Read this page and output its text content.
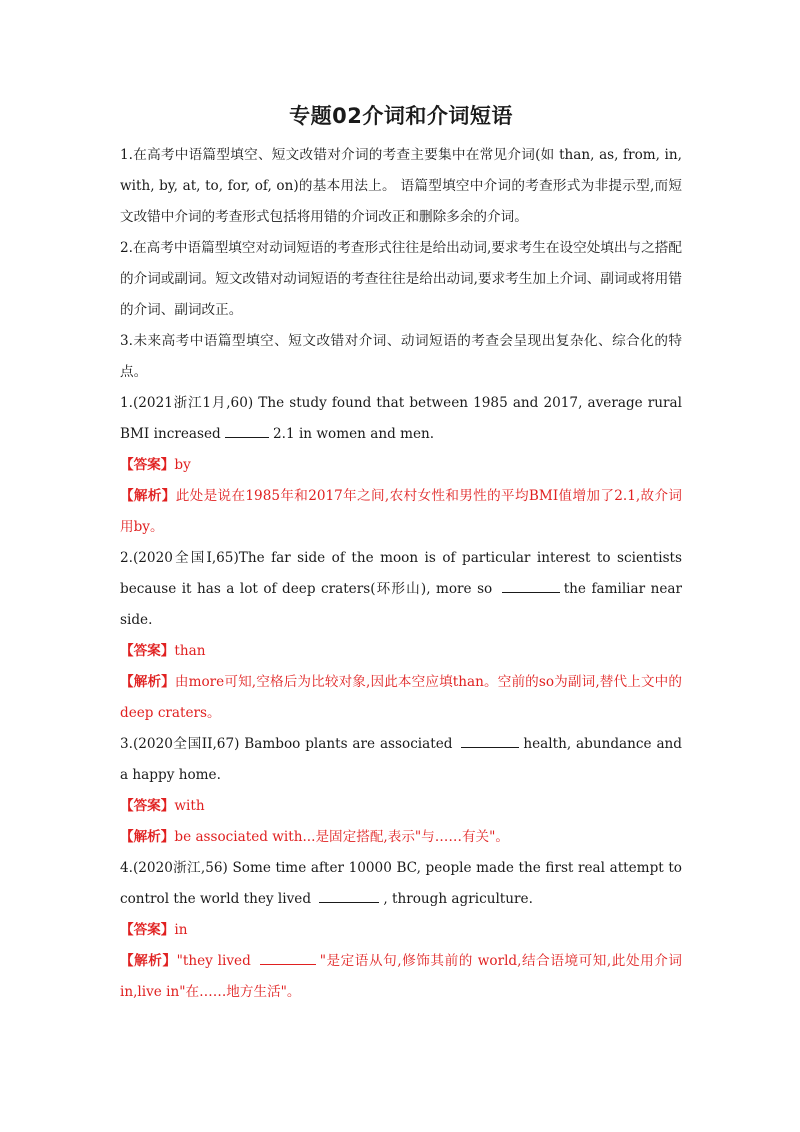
专题02介词和介词短语

1.在高考中语篇型填空、短文改错对介词的考查主要集中在常见介词(如 than, as, from, in, with, by, at, to, for, of, on)的基本用法上。 语篇型填空中介词的考查形式为非提示型,而短文改错中介词的考查形式包括将用错的介词改正和删除多余的介词。

2.在高考中语篇型填空对动词短语的考查形式往往是给出动词,要求考生在设空处填出与之搭配的介词或副词。短文改错对动词短语的考查往往是给出动词,要求考生加上介词、副词或将用错的介词、副词改正。

3.未来高考中语篇型填空、短文改错对介词、动词短语的考查会呈现出复杂化、综合化的特点。

1.(2021浙江1月,60) The study found that between 1985 and 2017, average rural BMI increased	2.1 in women and men.

【答案】by

【解析】此处是说在1985年和2017年之间,农村女性和男性的平均BMI值增加了2.1,故介词用by。

2.(2020全国I,65)The far side of the moon is of particular interest to scientists because it has a lot of deep craters(环形山), more so	the familiar near side.

【答案】than

【解析】由more可知,空格后为比较对象,因此本空应填than。空前的so为副词,替代上文中的deep craters。

3.(2020全国II,67) Bamboo plants are associated	health, abundance and a happy home.

【答案】with

【解析】be associated with...是固定搭配,表示"与……有关"。

4.(2020浙江,56) Some time after 10000 BC, people made the first real attempt to control the world they lived	, through agriculture.

【答案】in

【解析】"they lived	"是定语从句,修饰其前的 world,结合语境可知,此处用介词in,live in"在……地方生活"。
